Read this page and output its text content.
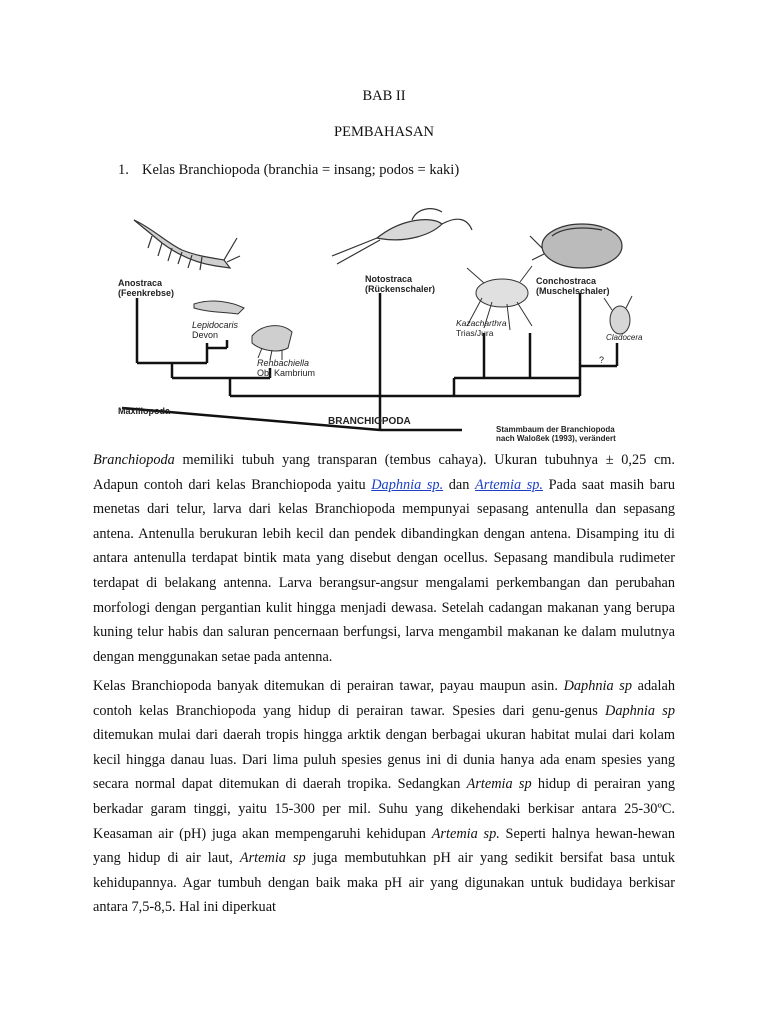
BAB II
PEMBAHASAN
1. Kelas Branchiopoda (branchia = insang; podos = kaki)
Anostraca
(Feenkrebse)
Lepidocaris
Devon
Rehbachiella
Ob. Kambrium
Notostraca
(Rückenschaler)
Kazacharthra
Trias/Jura
Conchostraca
(Muschelschaler)
Cladocera
?
Maxillopoda
BRANCHIOPODA
Stammbaum der Branchiopoda
nach Waloßek (1993), verändert

Branchiopoda memiliki tubuh yang transparan (tembus cahaya). Ukuran tubuhnya ± 0,25 cm. Adapun contoh dari kelas Branchiopoda yaitu Daphnia sp. dan Artemia sp. Pada saat masih baru menetas dari telur, larva dari kelas Branchiopoda mempunyai sepasang antenulla dan sepasang antena. Antenulla berukuran lebih kecil dan pendek dibandingkan dengan antena. Disamping itu di antara antenulla terdapat bintik mata yang disebut dengan ocellus. Sepasang mandibula rudimeter terdapat di belakang antenna. Larva berangsur-angsur mengalami perkembangan dan perubahan morfologi dengan pergantian kulit hingga menjadi dewasa. Setelah cadangan makanan yang berupa kuning telur habis dan saluran pencernaan berfungsi, larva mengambil makanan ke dalam mulutnya dengan menggunakan setae pada antenna.

Kelas Branchiopoda banyak ditemukan di perairan tawar, payau maupun asin. Daphnia sp adalah contoh kelas Branchiopoda yang hidup di perairan tawar. Spesies dari genu-genus Daphnia sp ditemukan mulai dari daerah tropis hingga arktik dengan berbagai ukuran habitat mulai dari kolam kecil hingga danau luas. Dari lima puluh spesies genus ini di dunia hanya ada enam spesies yang secara normal dapat ditemukan di daerah tropika. Sedangkan Artemia sp hidup di perairan yang berkadar garam tinggi, yaitu 15-300 per mil. Suhu yang dikehendaki berkisar antara 25-30ºC. Keasaman air (pH) juga akan mempengaruhi kehidupan Artemia sp. Seperti halnya hewan-hewan yang hidup di air laut, Artemia sp juga membutuhkan pH air yang sedikit bersifat basa untuk kehidupannya. Agar tumbuh dengan baik maka pH air yang digunakan untuk budidaya berkisar antara 7,5-8,5. Hal ini diperkuat
